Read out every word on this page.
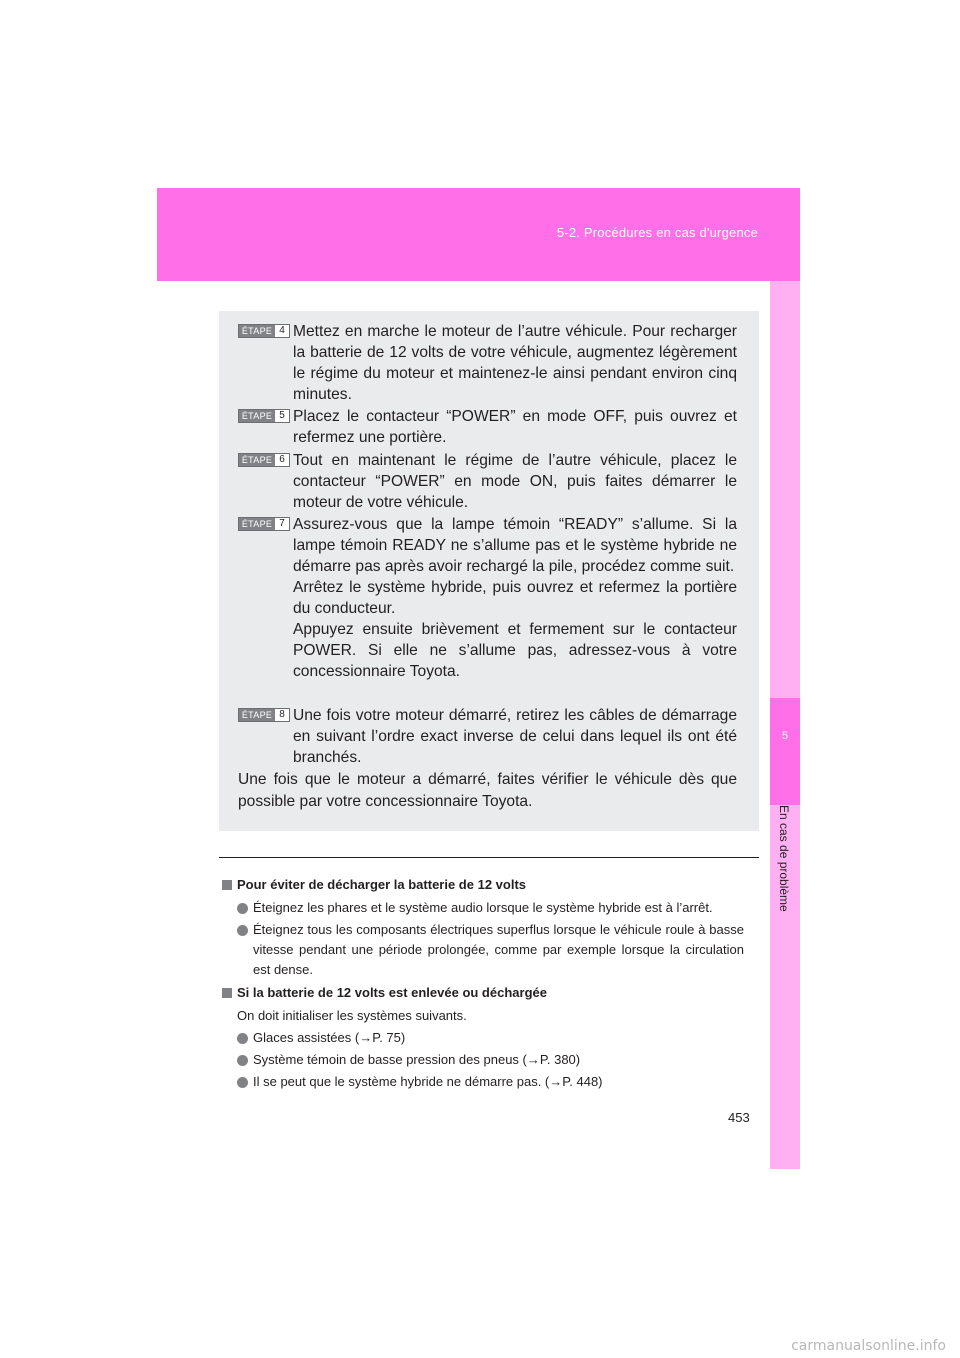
5-2. Procédures en cas d'urgence
5
En cas de problème
ÉTAPE 4 Mettez en marche le moteur de l’autre véhicule. Pour recharger la batterie de 12 volts de votre véhicule, augmentez légèrement le régime du moteur et maintenez-le ainsi pendant environ cinq minutes.
ÉTAPE 5 Placez le contacteur “POWER” en mode OFF, puis ouvrez et refermez une portière.
ÉTAPE 6 Tout en maintenant le régime de l’autre véhicule, placez le contacteur “POWER” en mode ON, puis faites démarrer le moteur de votre véhicule.
ÉTAPE 7 Assurez-vous que la lampe témoin “READY” s’allume. Si la lampe témoin READY ne s’allume pas et le système hybride ne démarre pas après avoir rechargé la pile, procédez comme suit.
Arrêtez le système hybride, puis ouvrez et refermez la portière du conducteur.
Appuyez ensuite brièvement et fermement sur le contacteur POWER. Si elle ne s’allume pas, adressez-vous à votre concessionnaire Toyota.
ÉTAPE 8 Une fois votre moteur démarré, retirez les câbles de démarrage en suivant l’ordre exact inverse de celui dans lequel ils ont été branchés.
Une fois que le moteur a démarré, faites vérifier le véhicule dès que possible par votre concessionnaire Toyota.
Pour éviter de décharger la batterie de 12 volts
Éteignez les phares et le système audio lorsque le système hybride est à l’arrêt.
Éteignez tous les composants électriques superflus lorsque le véhicule roule à basse vitesse pendant une période prolongée, comme par exemple lorsque la circulation est dense.
Si la batterie de 12 volts est enlevée ou déchargée
On doit initialiser les systèmes suivants.
Glaces assistées (→P. 75)
Système témoin de basse pression des pneus (→P. 380)
Il se peut que le système hybride ne démarre pas. (→P. 448)
453
carmanualsonline.info
